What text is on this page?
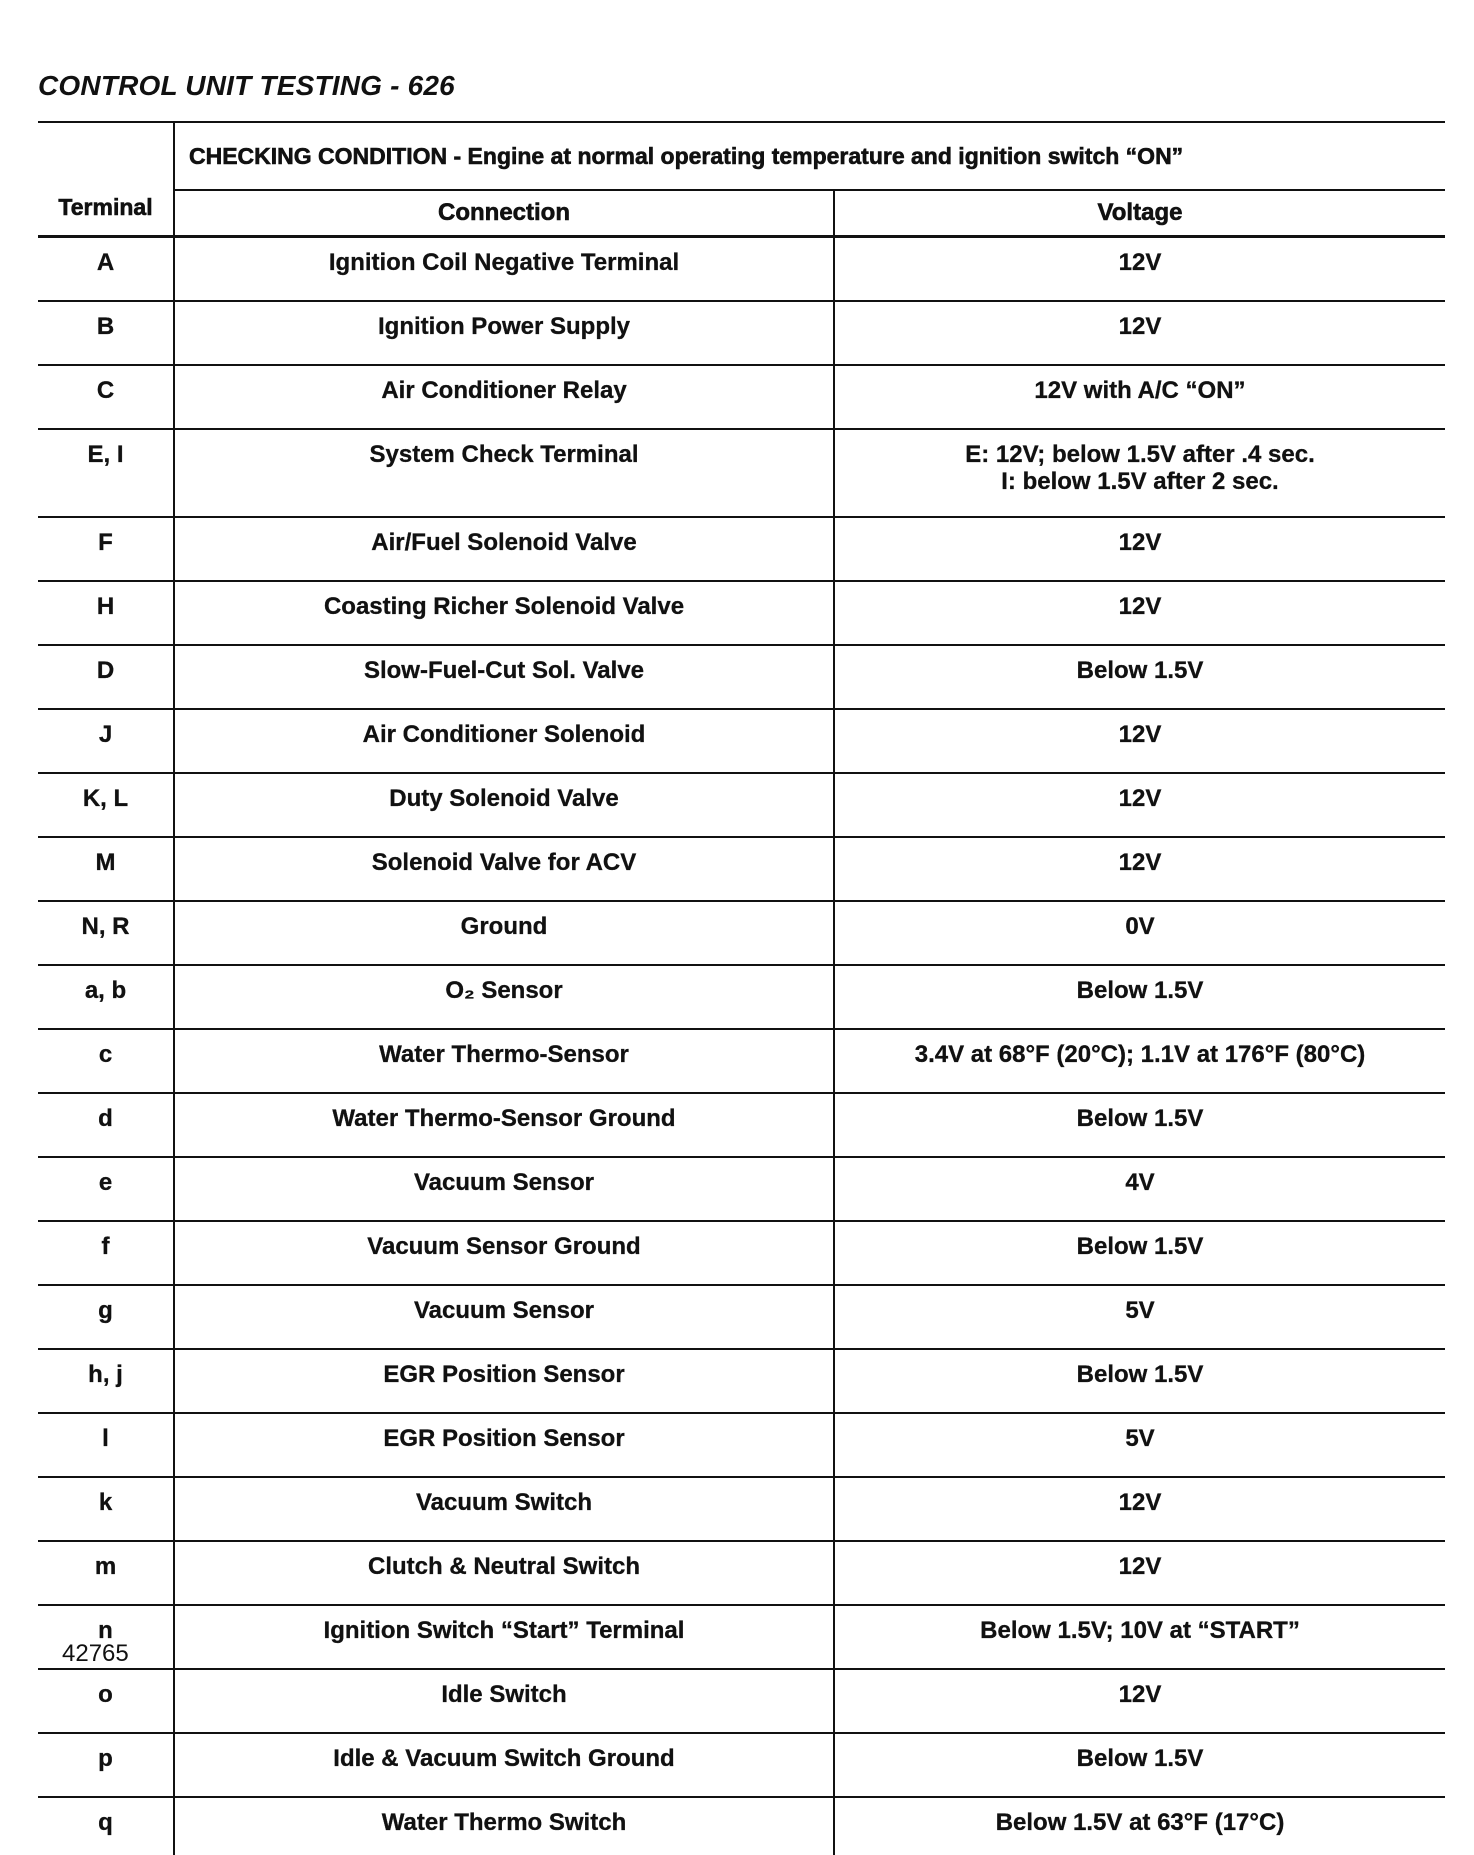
CONTROL UNIT TESTING - 626
Terminal	CHECKING CONDITION - Engine at normal operating temperature and ignition switch “ON”	
	Connection	Voltage
A	Ignition Coil Negative Terminal	12V

B	Ignition Power Supply	12V

C	Air Conditioner Relay	12V with A/C “ON”

E, I	System Check Terminal	E: 12V; below 1.5V after .4 sec.
I: below 1.5V after 2 sec.

F	Air/Fuel Solenoid Valve	12V

H	Coasting Richer Solenoid Valve	12V

D	Slow-Fuel-Cut Sol. Valve	Below 1.5V

J	Air Conditioner Solenoid	12V

K, L	Duty Solenoid Valve	12V

M	Solenoid Valve for ACV	12V

N, R	Ground	0V

a, b	O₂ Sensor	Below 1.5V

c	Water Thermo-Sensor	3.4V at 68°F (20°C); 1.1V at 176°F (80°C)

d	Water Thermo-Sensor Ground	Below 1.5V

e	Vacuum Sensor	4V

f	Vacuum Sensor Ground	Below 1.5V

g	Vacuum Sensor	5V

h, j	EGR Position Sensor	Below 1.5V

l	EGR Position Sensor	5V

k	Vacuum Switch	12V

m	Clutch & Neutral Switch	12V

n	Ignition Switch “Start” Terminal	Below 1.5V; 10V at “START”

o	Idle Switch	12V

p	Idle & Vacuum Switch Ground	Below 1.5V

q	Water Thermo Switch	Below 1.5V at 63°F (17°C)
42765
